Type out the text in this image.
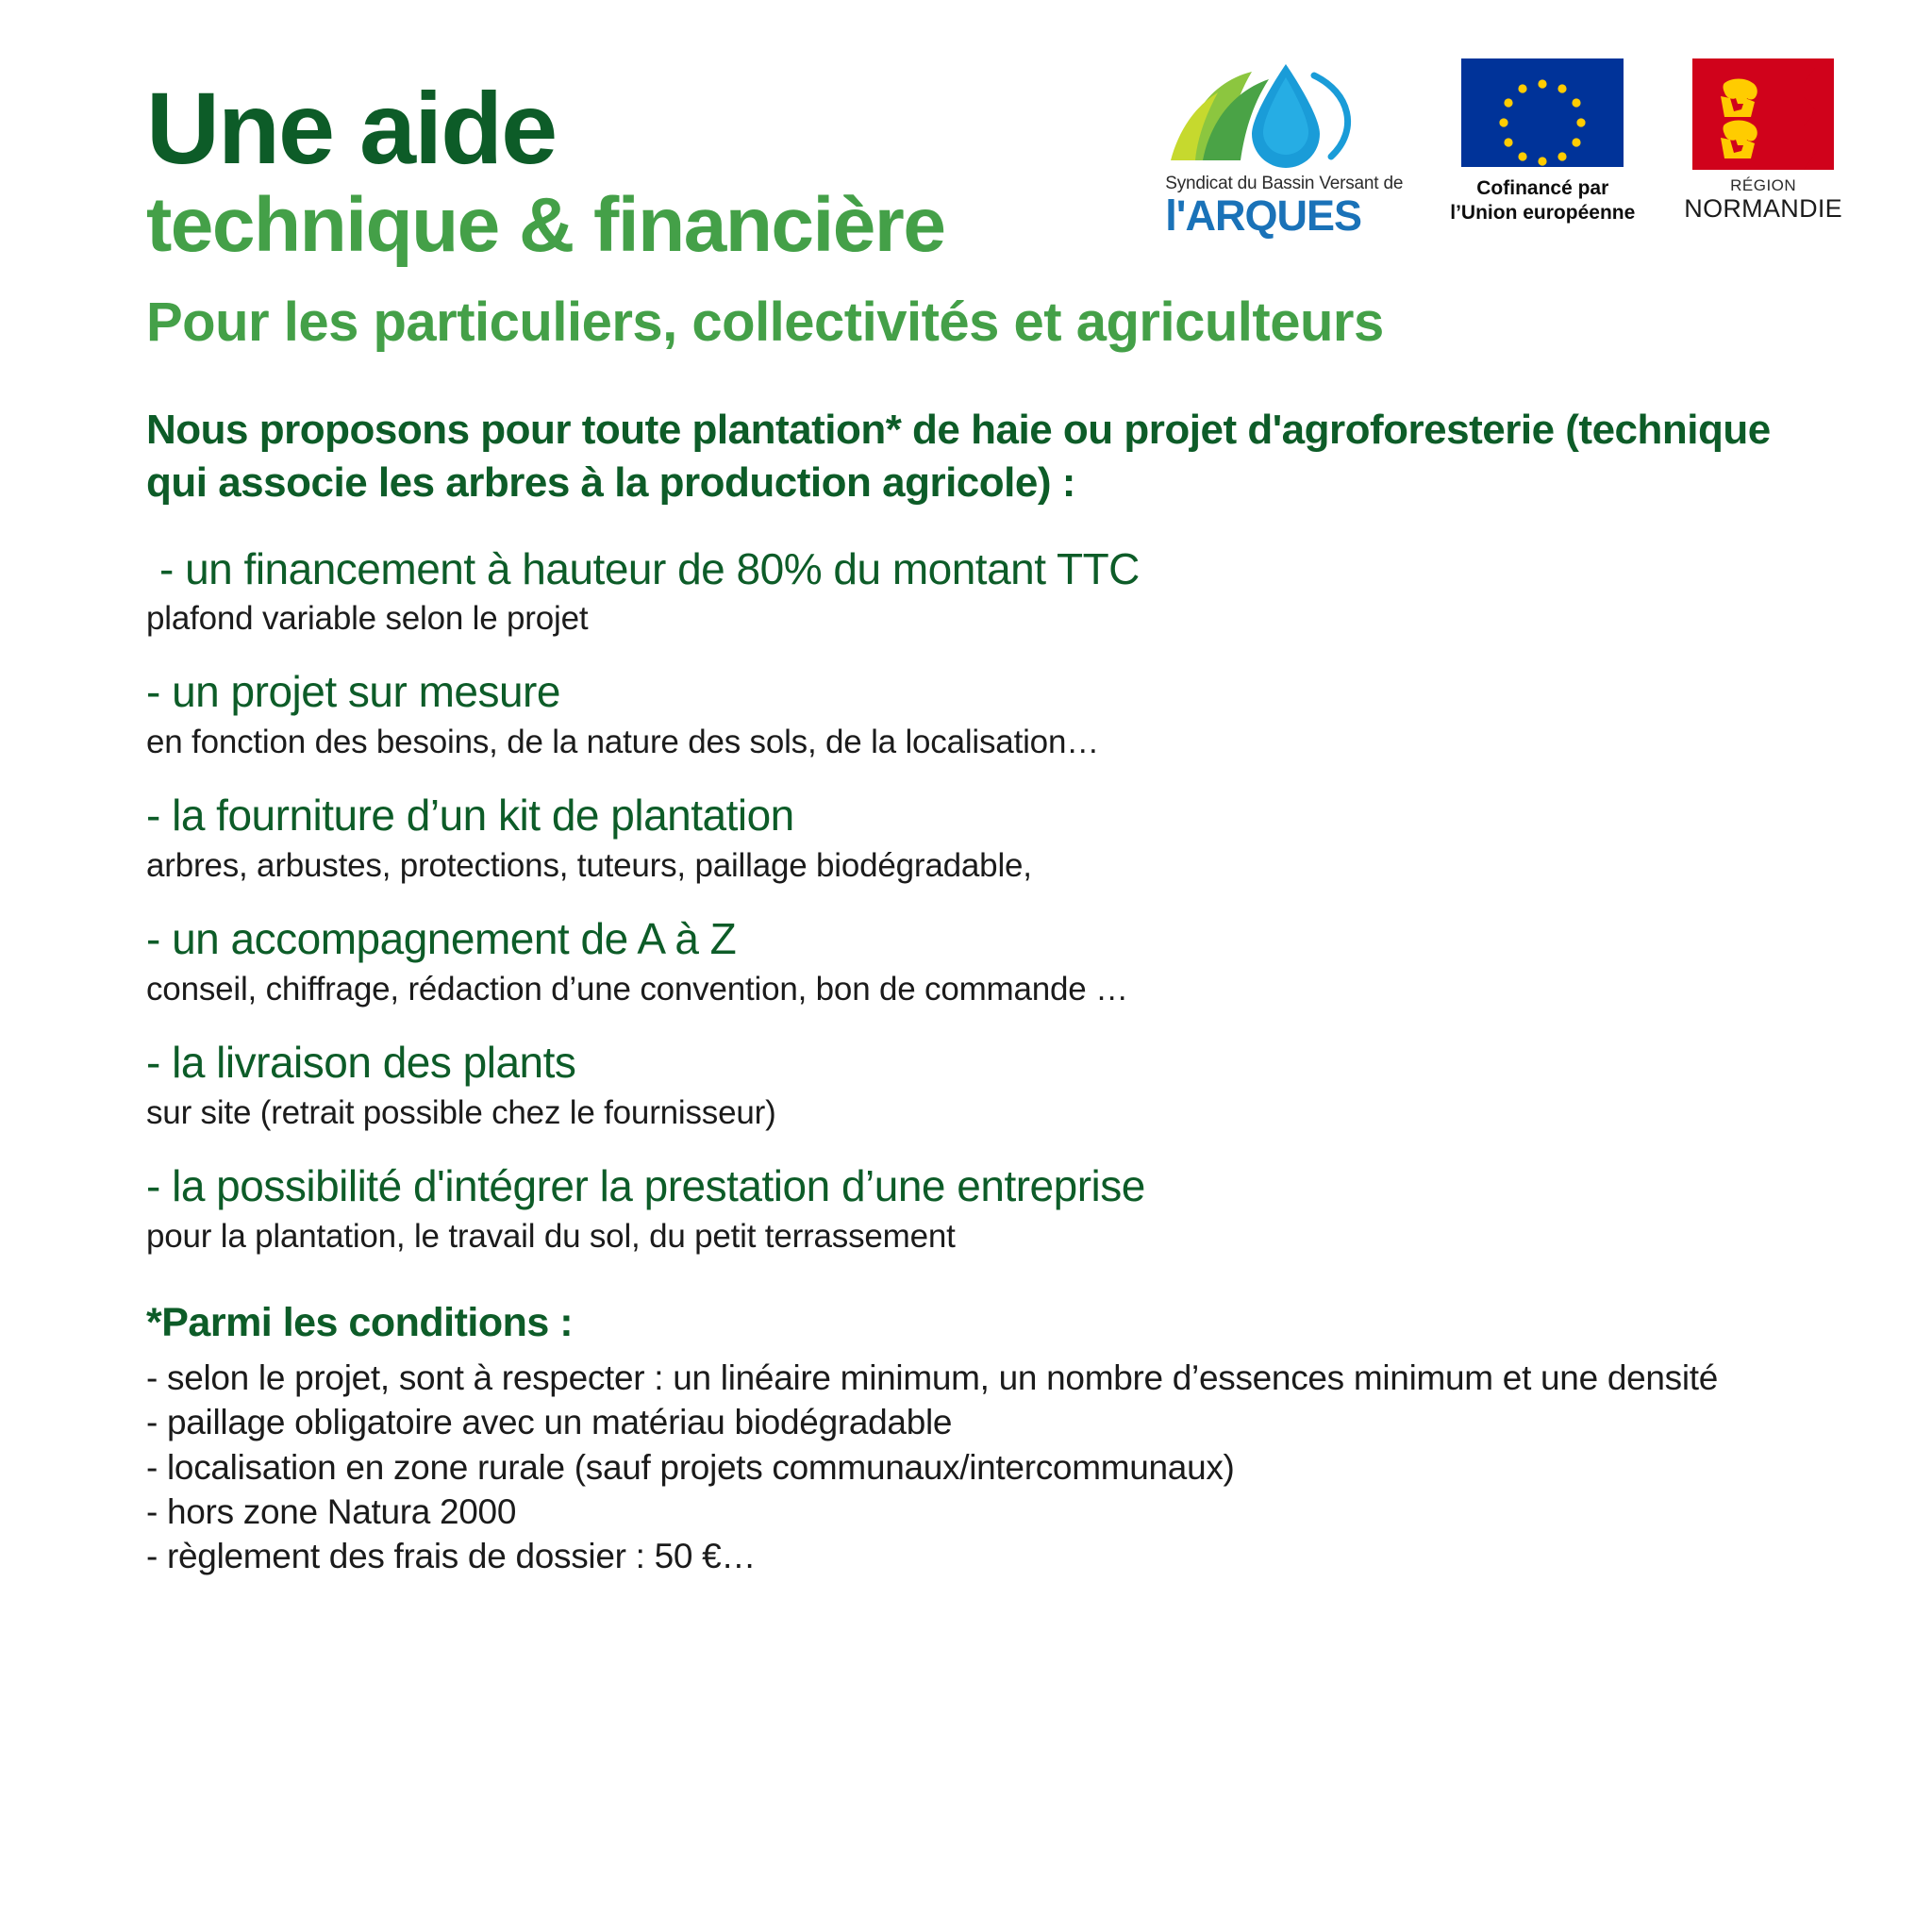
Syndicat du Bassin Versant de
l'ARQUES
Cofinancé par
l’Union européenne
RÉGION
NORMANDIE
Une aide
technique & financière
Pour les particuliers, collectivités et agriculteurs

Nous proposons pour toute plantation* de haie ou projet d'agroforesterie (technique qui associe les arbres à la production agricole) :

- un financement à hauteur de 80% du montant TTC
plafond variable selon le projet
- un projet sur mesure
en fonction des besoins, de la nature des sols, de la localisation…
- la fourniture d’un kit de plantation
arbres, arbustes, protections, tuteurs, paillage biodégradable,
- un accompagnement de A à Z
conseil, chiffrage, rédaction d’une convention, bon de commande …
- la livraison des plants
sur site (retrait possible chez le fournisseur)
- la possibilité d'intégrer la prestation d’une entreprise
pour la plantation, le travail du sol, du petit terrassement
*Parmi les conditions :
- selon le projet, sont à respecter : un linéaire minimum, un nombre d’essences minimum et une densité
- paillage obligatoire avec un matériau biodégradable
- localisation en zone rurale (sauf projets communaux/intercommunaux)
- hors zone Natura 2000
- règlement des frais de dossier : 50 €…
